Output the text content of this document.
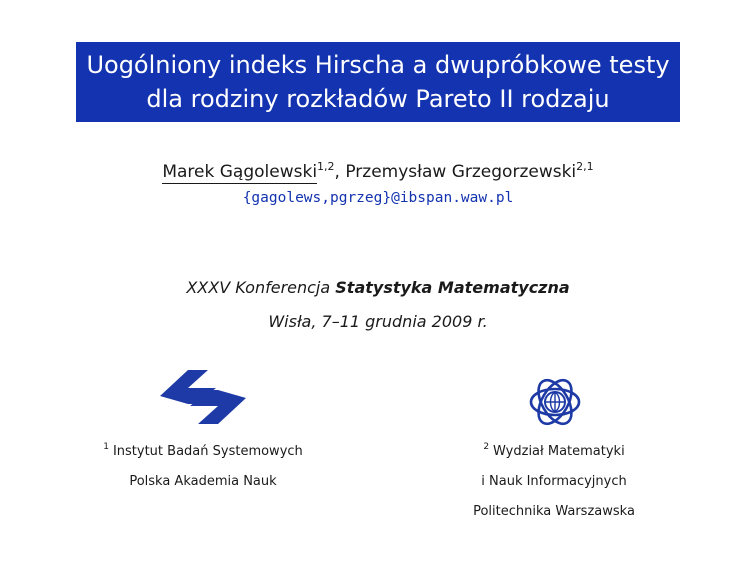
Uogólniony indeks Hirscha a dwupróbkowe testy
dla rodziny rozkładów Pareto II rodzaju
Marek Gągolewski$^{1,2}$, Przemysław Grzegorzewski$^{2,1}$
{gagolews,pgrzeg}@ibspan.waw.pl
XXXV Konferencja Statystyka Matematyczna
Wisła, 7–11 grudnia 2009 r.
$^1$ Instytut Badań Systemowych
Polska Akademia Nauk
$^2$ Wydział Matematyki
i Nauk Informacyjnych
Politechnika Warszawska
